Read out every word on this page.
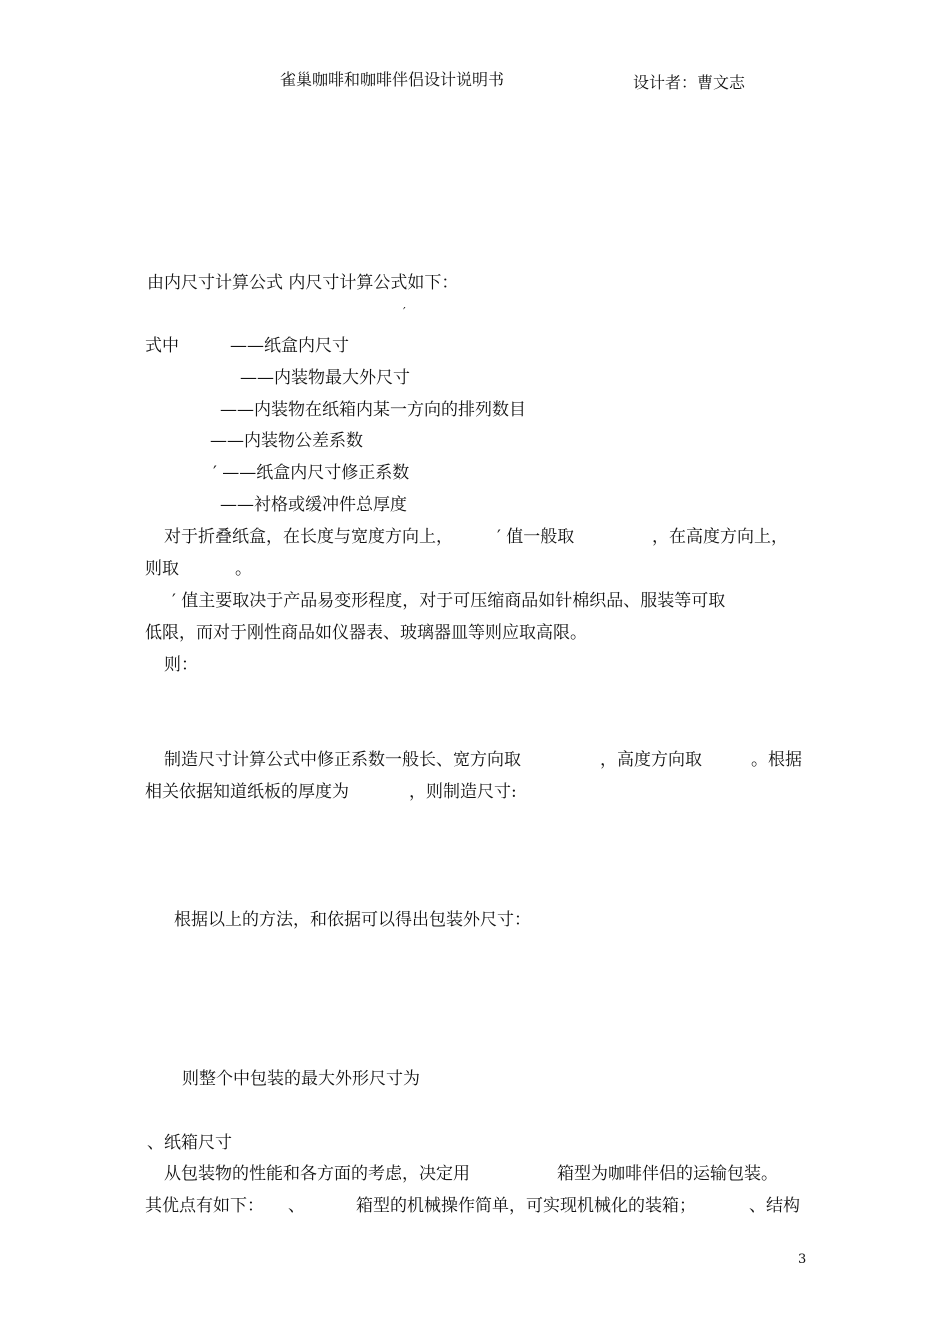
雀巢咖啡和咖啡伴侣设计说明书	设计者：曹文志
由内尺寸计算公式 内尺寸计算公式如下：
′
式中	——纸盒内尺寸
——内装物最大外尺寸
——内装物在纸箱内某一方向的排列数目
——内装物公差系数
′ ——纸盒内尺寸修正系数
——衬格或缓冲件总厚度
对于折叠纸盒，在长度与宽度方向上，	′ 值一般取	，在高度方向上，
则取	。
′ 值主要取决于产品易变形程度，对于可压缩商品如针棉织品、服装等可取
低限，而对于刚性商品如仪器表、玻璃器皿等则应取高限。
则：
制造尺寸计算公式中修正系数一般长、宽方向取	，高度方向取	。根据
相关依据知道纸板的厚度为	，则制造尺寸:
根据以上的方法，和依据可以得出包装外尺寸：
则整个中包装的最大外形尺寸为
、纸箱尺寸
从包装物的性能和各方面的考虑，决定用	箱型为咖啡伴侣的运输包装。
其优点有如下： 、	箱型的机械操作简单，可实现机械化的装箱；	、结构
3
